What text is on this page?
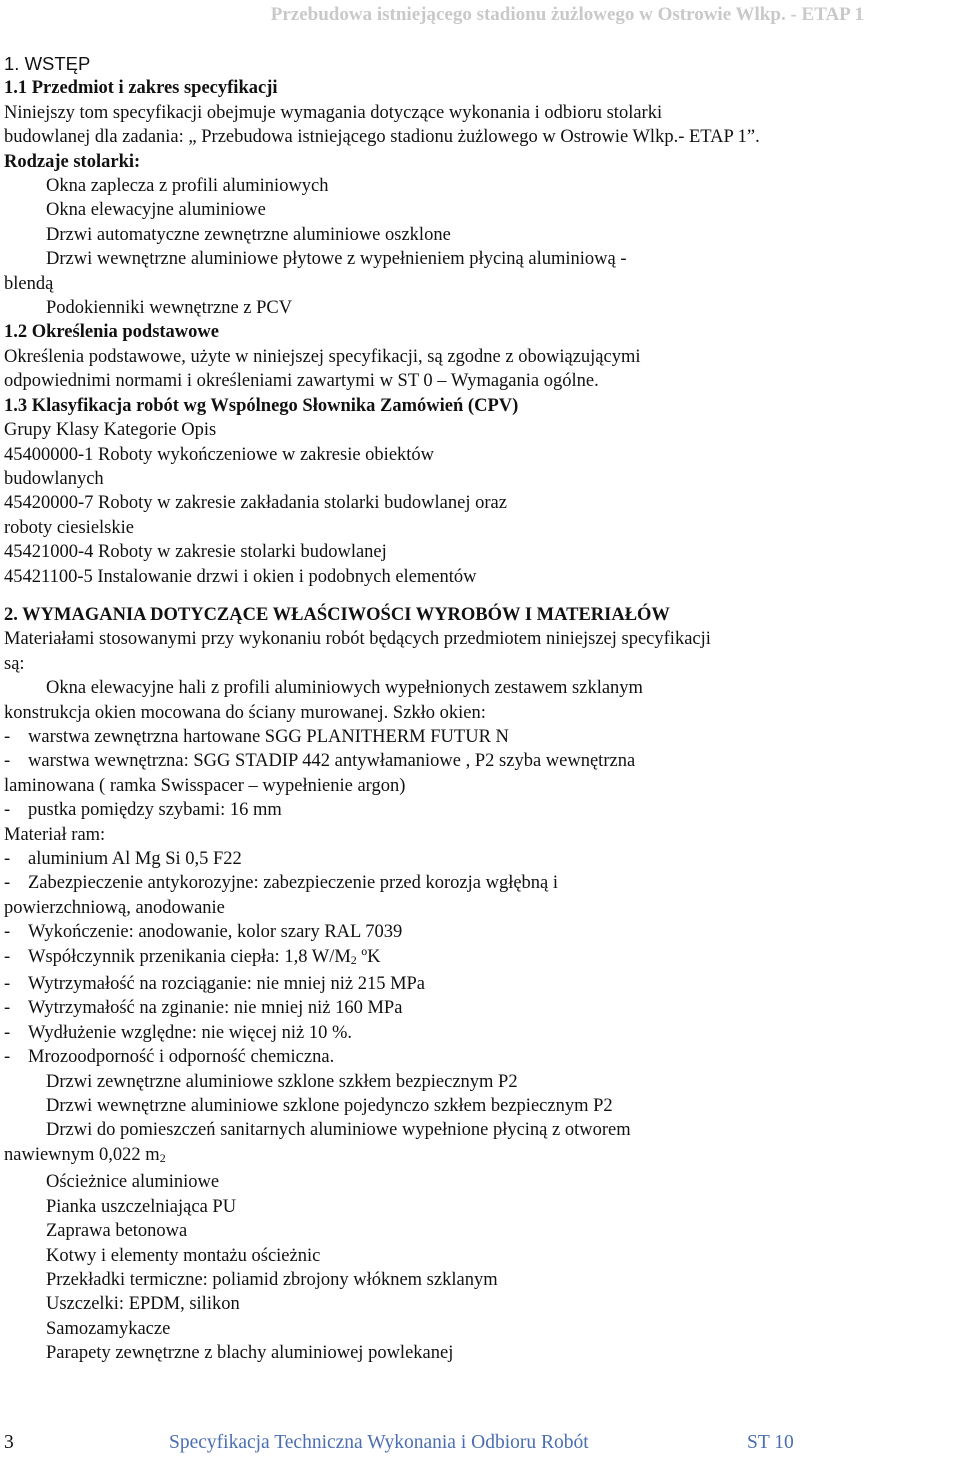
Przebudowa istniejącego stadionu żużlowego w Ostrowie Wlkp. - ETAP 1

1. WSTĘP

1.1 Przedmiot i zakres specyfikacji

Niniejszy tom specyfikacji obejmuje wymagania dotyczące wykonania i odbioru stolarki

budowlanej dla zadania: „ Przebudowa istniejącego stadionu żużlowego w Ostrowie Wlkp.- ETAP 1”.

Rodzaje stolarki:

Okna zaplecza z profili aluminiowych

Okna elewacyjne aluminiowe

Drzwi automatyczne zewnętrzne aluminiowe oszklone

Drzwi wewnętrzne aluminiowe płytowe z wypełnieniem płyciną aluminiową -

blendą

Podokienniki wewnętrzne z PCV

1.2 Określenia podstawowe

Określenia podstawowe, użyte w niniejszej specyfikacji, są zgodne z obowiązującymi

odpowiednimi normami i określeniami zawartymi w ST 0 – Wymagania ogólne.

1.3 Klasyfikacja robót wg Wspólnego Słownika Zamówień (CPV)

Grupy Klasy Kategorie Opis

45400000-1 Roboty wykończeniowe w zakresie obiektów

budowlanych

45420000-7 Roboty w zakresie zakładania stolarki budowlanej oraz

roboty ciesielskie

45421000-4 Roboty w zakresie stolarki budowlanej

45421100-5 Instalowanie drzwi i okien i podobnych elementów

2. WYMAGANIA DOTYCZĄCE WŁAŚCIWOŚCI WYROBÓW I MATERIAŁÓW

Materiałami stosowanymi przy wykonaniu robót będących przedmiotem niniejszej specyfikacji

są:

Okna elewacyjne hali z profili aluminiowych wypełnionych zestawem szklanym

konstrukcja okien mocowana do ściany murowanej. Szkło okien:

- warstwa zewnętrzna hartowane SGG PLANITHERM FUTUR N

- warstwa wewnętrzna: SGG STADIP 442 antywłamaniowe , P2 szyba wewnętrzna

laminowana ( ramka Swisspacer – wypełnienie argon)

- pustka pomiędzy szybami: 16 mm

Materiał ram:

- aluminium Al Mg Si 0,5 F22

- Zabezpieczenie antykorozyjne: zabezpieczenie przed korozja wgłębną i

powierzchniową, anodowanie

- Wykończenie: anodowanie, kolor szary RAL 7039

- Współczynnik przenikania ciepła: 1,8 $W/M_2$ ºK

- Wytrzymałość na rozciąganie: nie mniej niż 215 MPa

- Wytrzymałość na zginanie: nie mniej niż 160 MPa

- Wydłużenie względne: nie więcej niż 10 %.

- Mrozoodporność i odporność chemiczna.

Drzwi zewnętrzne aluminiowe szklone szkłem bezpiecznym P2

Drzwi wewnętrzne aluminiowe szklone pojedynczo szkłem bezpiecznym P2

Drzwi do pomieszczeń sanitarnych aluminiowe wypełnione płyciną z otworem

nawiewnym 0,022 $m_2$

Ościeżnice aluminiowe

Pianka uszczelniająca PU

Zaprawa betonowa

Kotwy i elementy montażu ościeżnic

Przekładki termiczne: poliamid zbrojony włóknem szklanym

Uszczelki: EPDM, silikon

Samozamykacze

Parapety zewnętrzne z blachy aluminiowej powlekanej

3	Specyfikacja Techniczna Wykonania i Odbioru Robót	ST 10
